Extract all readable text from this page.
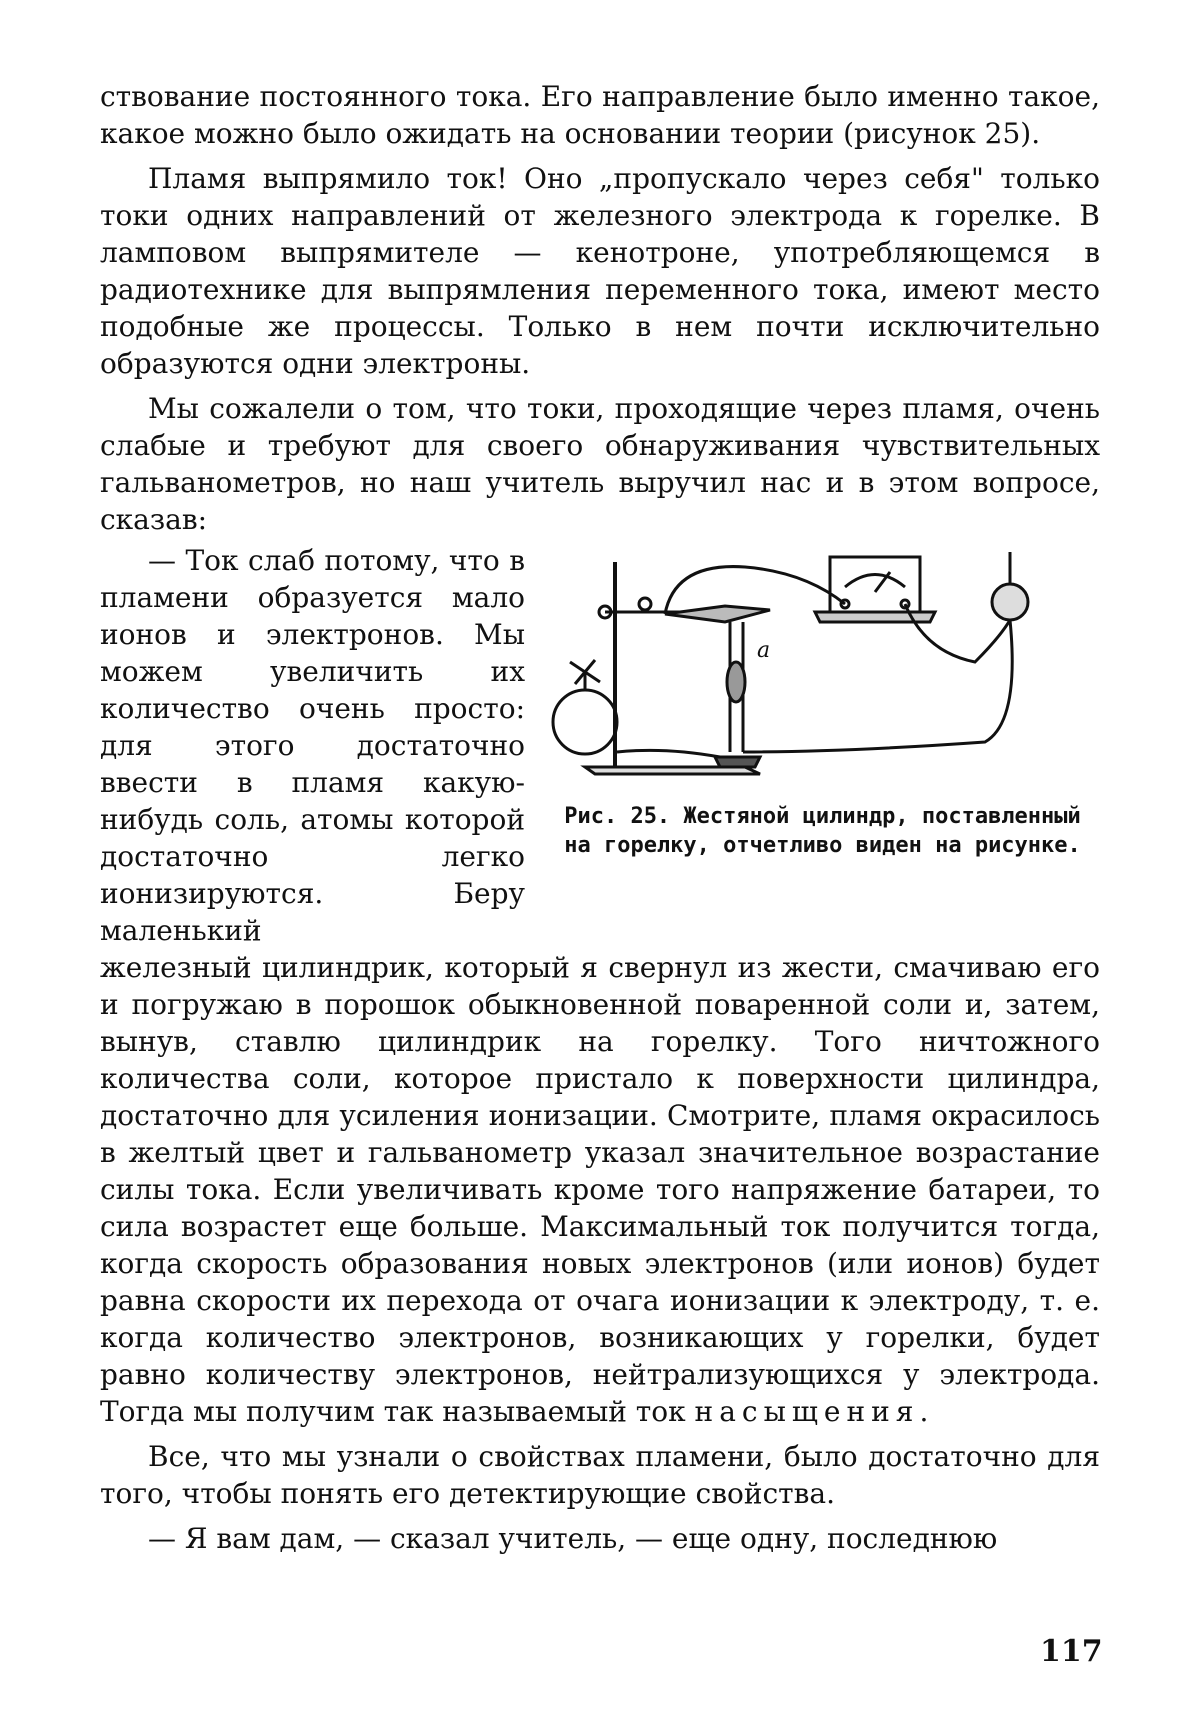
ствование постоянного тока. Его направление было именно такое, какое можно было ожидать на основании теории (рисунок 25).

Пламя выпрямило ток! Оно „пропускало через себя" только токи одних направлений от железного электрода к горелке. В ламповом выпрямителе — кенотроне, употребляющемся в радиотехнике для выпрямления переменного тока, имеют место подобные же процессы. Только в нем почти исключительно образуются одни электроны.

Мы сожалели о том, что токи, проходящие через пламя, очень слабые и требуют для своего обнаруживания чувствительных гальванометров, но наш учитель выручил нас и в этом вопросе, сказав:

a
Рис. 25. Жестяной цилиндр, поставленный на горелку, отчетливо виден на рисунке.

— Ток слаб потому, что в пламени образуется мало ионов и электронов. Мы можем увеличить их количество очень просто: для этого достаточно ввести в пламя какую-нибудь соль, атомы которой достаточно легко ионизируются. Беру маленький

железный цилиндрик, который я свернул из жести, смачиваю его и погружаю в порошок обыкновенной поваренной соли и, затем, вынув, ставлю цилиндрик на горелку. Того ничтожного количества соли, которое пристало к поверхности цилиндра, достаточно для усиления ионизации. Смотрите, пламя окрасилось в желтый цвет и гальванометр указал значительное возрастание силы тока. Если увеличивать кроме того напряжение батареи, то сила возрастет еще больше. Максимальный ток получится тогда, когда скорость образования новых электронов (или ионов) будет равна скорости их перехода от очага ионизации к электроду, т. е. когда количество электронов, возникающих у горелки, будет равно количеству электронов, нейтрализующихся у электрода. Тогда мы получим так называемый ток насыщения.

Все, что мы узнали о свойствах пламени, было достаточно для того, чтобы понять его детектирующие свойства.

— Я вам дам, — сказал учитель, — еще одну, последнюю

117
